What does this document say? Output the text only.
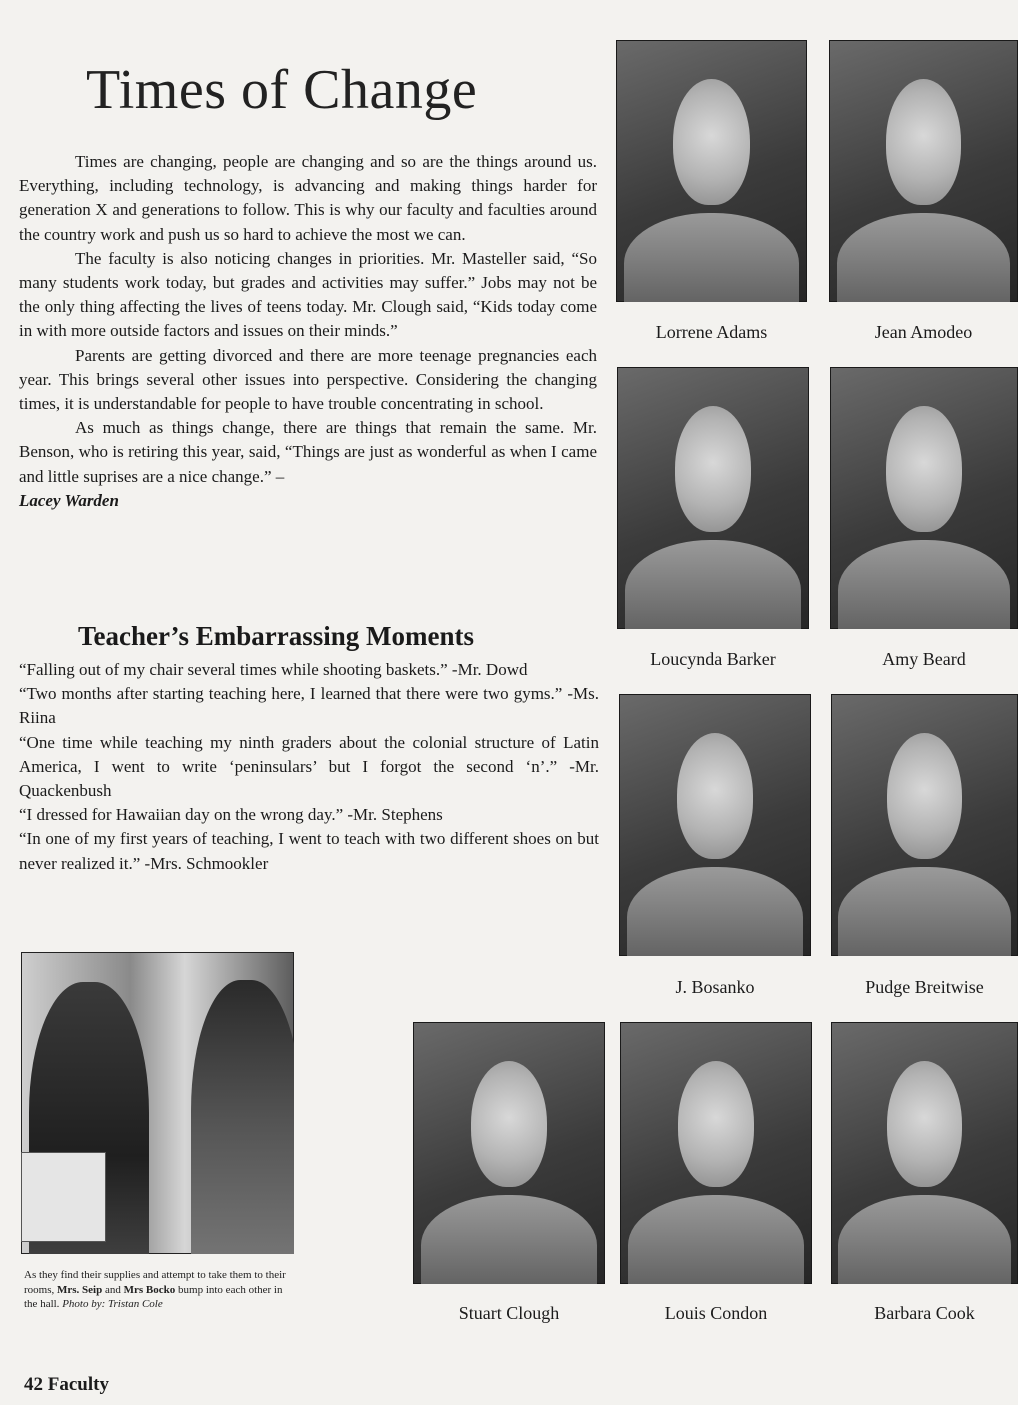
Times of Change

Times are changing, people are changing and so are the things around us. Everything, including technology, is advancing and making things harder for generation X and generations to follow. This is why our faculty and faculties around the country work and push us so hard to achieve the most we can.

The faculty is also noticing changes in priorities. Mr. Masteller said, “So many students work today, but grades and activities may suffer.” Jobs may not be the only thing affecting the lives of teens today. Mr. Clough said, “Kids today come in with more outside factors and issues on their minds.”

Parents are getting divorced and there are more teenage pregnancies each year. This brings several other issues into perspective. Considering the changing times, it is understandable for people to have trouble concentrating in school.

As much as things change, there are things that remain the same. Mr. Benson, who is retiring this year, said, “Things are just as wonderful as when I came and little suprises are a nice change.” –

Lacey Warden

Teacher’s Embarrassing Moments

“Falling out of my chair several times while shooting baskets.” -Mr. Dowd

“Two months after starting teaching here, I learned that there were two gyms.” -Ms. Riina

“One time while teaching my ninth graders about the colonial structure of Latin America, I went to write ‘peninsulars’ but I forgot the second ‘n’.” -Mr. Quackenbush

“I dressed for Hawaiian day on the wrong day.” -Mr. Stephens

“In one of my first years of teaching, I went to teach with two different shoes on but never realized it.” -Mrs. Schmookler

Lorrene Adams	Jean Amodeo
Loucynda Barker	Amy Beard
J. Bosanko	Pudge Breitwise
Stuart Clough	Louis Condon	Barbara Cook

As they find their supplies and attempt to take them to their rooms, Mrs. Seip and Mrs Bocko bump into each other in the hall. Photo by: Tristan Cole

42 Faculty
